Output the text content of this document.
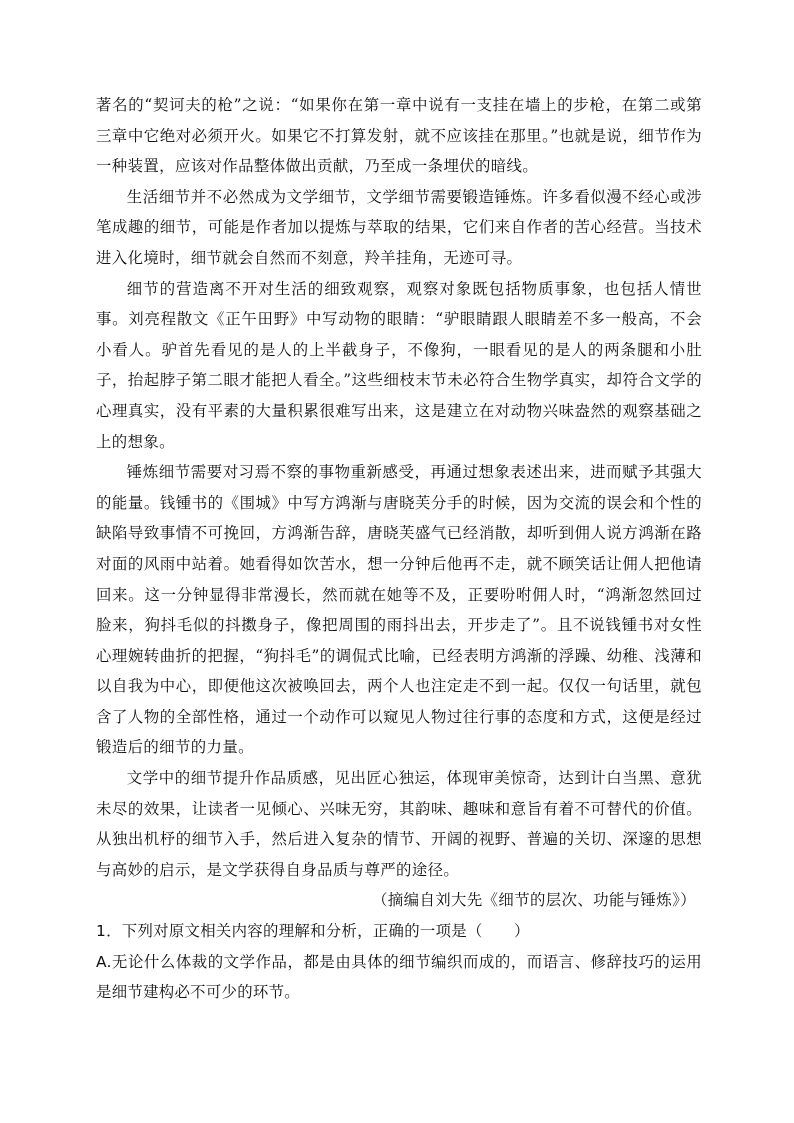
著名的“契诃夫的枪”之说：“如果你在第一章中说有一支挂在墙上的步枪，在第二或第三章中它绝对必须开火。如果它不打算发射，就不应该挂在那里。”也就是说，细节作为一种装置，应该对作品整体做出贡献，乃至成一条埋伏的暗线。

生活细节并不必然成为文学细节，文学细节需要锻造锤炼。许多看似漫不经心或涉笔成趣的细节，可能是作者加以提炼与萃取的结果，它们来自作者的苦心经营。当技术进入化境时，细节就会自然而不刻意，羚羊挂角，无迹可寻。

细节的营造离不开对生活的细致观察，观察对象既包括物质事象，也包括人情世事。刘亮程散文《正午田野》中写动物的眼睛：“驴眼睛跟人眼睛差不多一般高，不会小看人。驴首先看见的是人的上半截身子，不像狗，一眼看见的是人的两条腿和小肚子，抬起脖子第二眼才能把人看全。”这些细枝末节未必符合生物学真实，却符合文学的心理真实，没有平素的大量积累很难写出来，这是建立在对动物兴味盎然的观察基础之上的想象。

锤炼细节需要对习焉不察的事物重新感受，再通过想象表述出来，进而赋予其强大的能量。钱锺书的《围城》中写方鸿渐与唐晓芙分手的时候，因为交流的误会和个性的缺陷导致事情不可挽回，方鸿渐告辞，唐晓芙盛气已经消散，却听到佣人说方鸿渐在路对面的风雨中站着。她看得如饮苦水，想一分钟后他再不走，就不顾笑话让佣人把他请回来。这一分钟显得非常漫长，然而就在她等不及，正要吩咐佣人时，“鸿渐忽然回过脸来，狗抖毛似的抖擞身子，像把周围的雨抖出去，开步走了”。且不说钱锺书对女性心理婉转曲折的把握，“狗抖毛”的调侃式比喻，已经表明方鸿渐的浮躁、幼稚、浅薄和以自我为中心，即便他这次被唤回去，两个人也注定走不到一起。仅仅一句话里，就包含了人物的全部性格，通过一个动作可以窥见人物过往行事的态度和方式，这便是经过锻造后的细节的力量。

文学中的细节提升作品质感，见出匠心独运，体现审美惊奇，达到计白当黑、意犹未尽的效果，让读者一见倾心、兴味无穷，其韵味、趣味和意旨有着不可替代的价值。从独出机杼的细节入手，然后进入复杂的情节、开阔的视野、普遍的关切、深邃的思想与高妙的启示，是文学获得自身品质与尊严的途径。

（摘编自刘大先《细节的层次、功能与锤炼》）

1．下列对原文相关内容的理解和分析，正确的一项是（　　）

A.无论什么体裁的文学作品，都是由具体的细节编织而成的，而语言、修辞技巧的运用是细节建构必不可少的环节。
